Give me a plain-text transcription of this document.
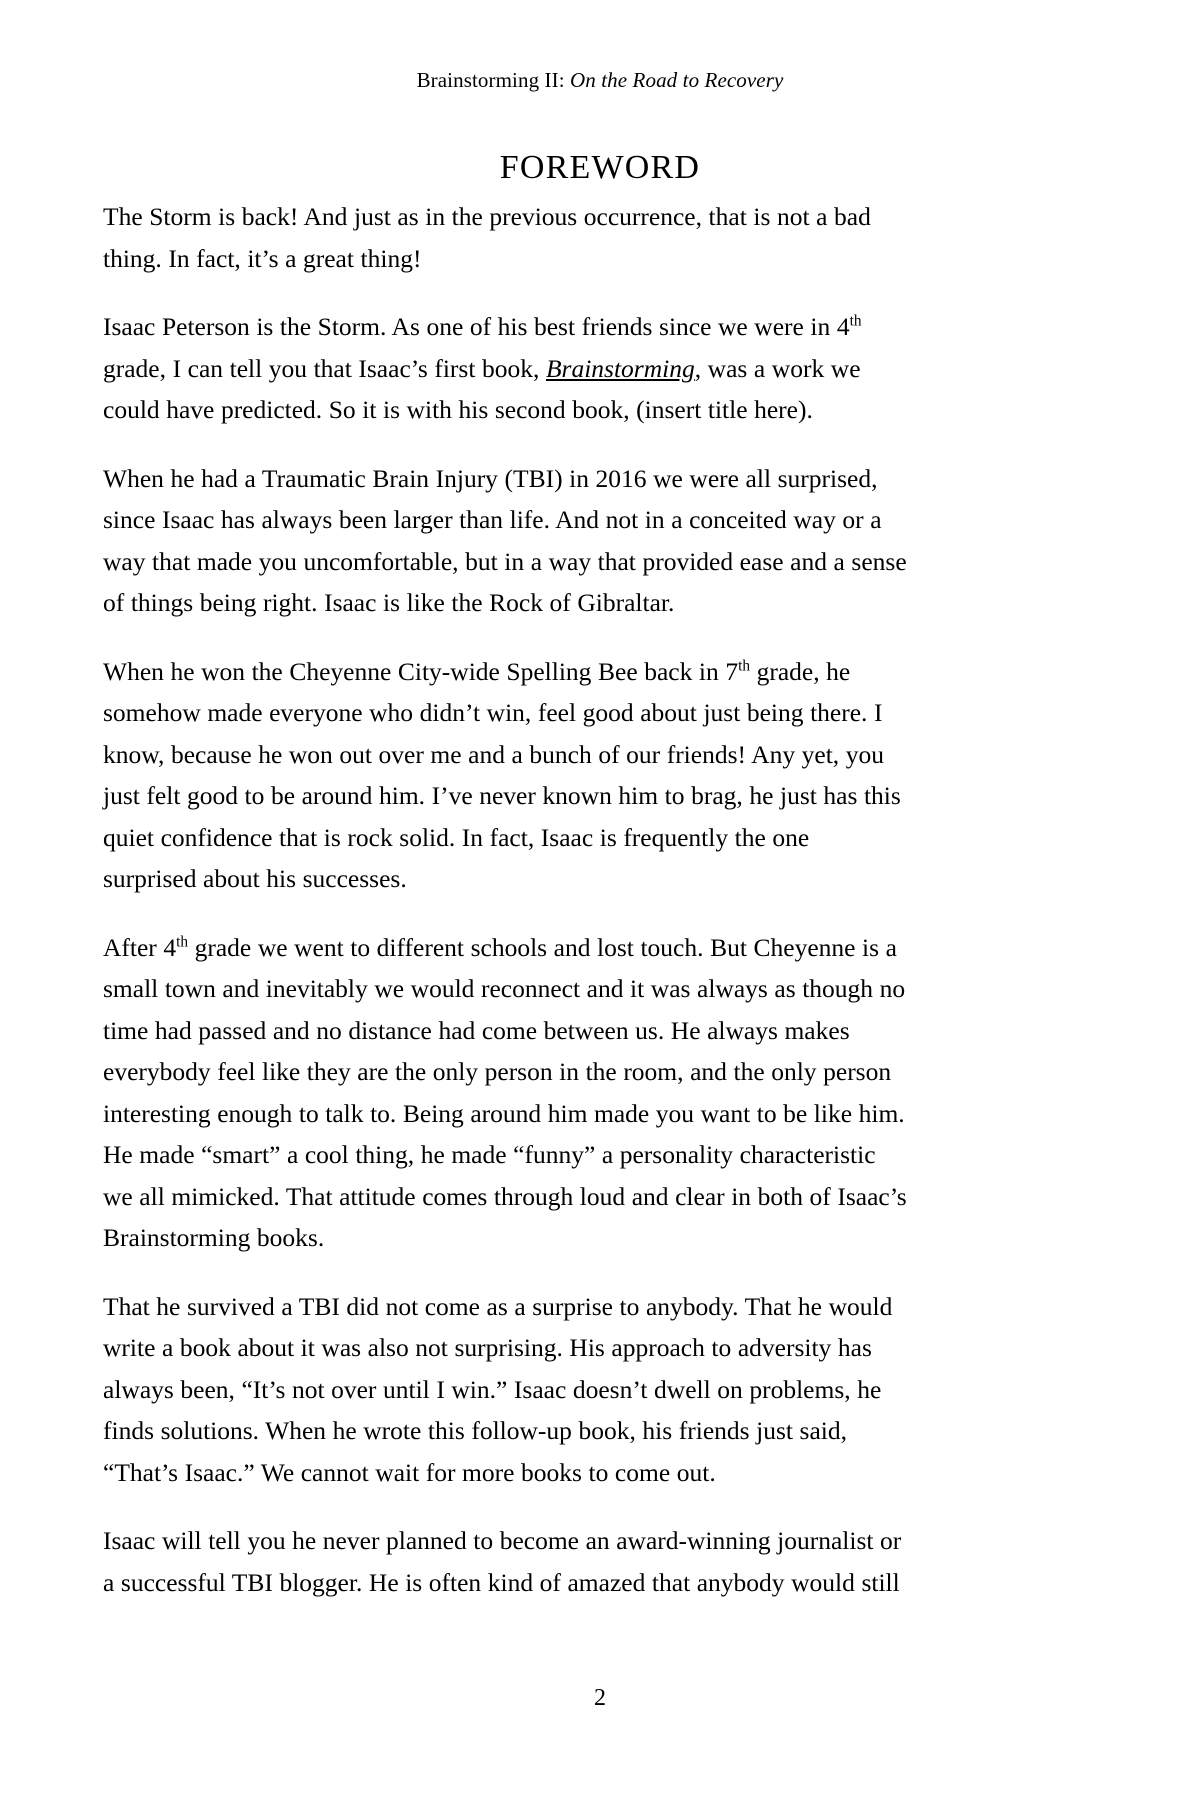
Brainstorming II: On the Road to Recovery
FOREWORD

The Storm is back! And just as in the previous occurrence, that is not a bad thing. In fact, it’s a great thing!

Isaac Peterson is the Storm. As one of his best friends since we were in 4th grade, I can tell you that Isaac’s first book, Brainstorming, was a work we could have predicted. So it is with his second book, (insert title here).

When he had a Traumatic Brain Injury (TBI) in 2016 we were all surprised, since Isaac has always been larger than life. And not in a conceited way or a way that made you uncomfortable, but in a way that provided ease and a sense of things being right. Isaac is like the Rock of Gibraltar.

When he won the Cheyenne City-wide Spelling Bee back in 7th grade, he somehow made everyone who didn’t win, feel good about just being there. I know, because he won out over me and a bunch of our friends! Any yet, you just felt good to be around him. I’ve never known him to brag, he just has this quiet confidence that is rock solid. In fact, Isaac is frequently the one surprised about his successes.

After 4th grade we went to different schools and lost touch. But Cheyenne is a small town and inevitably we would reconnect and it was always as though no time had passed and no distance had come between us. He always makes everybody feel like they are the only person in the room, and the only person interesting enough to talk to. Being around him made you want to be like him. He made “smart” a cool thing, he made “funny” a personality characteristic we all mimicked. That attitude comes through loud and clear in both of Isaac’s Brainstorming books.

That he survived a TBI did not come as a surprise to anybody. That he would write a book about it was also not surprising. His approach to adversity has always been, “It’s not over until I win.” Isaac doesn’t dwell on problems, he finds solutions. When he wrote this follow-up book, his friends just said, “That’s Isaac.” We cannot wait for more books to come out.

Isaac will tell you he never planned to become an award-winning journalist or a successful TBI blogger. He is often kind of amazed that anybody would still

2
